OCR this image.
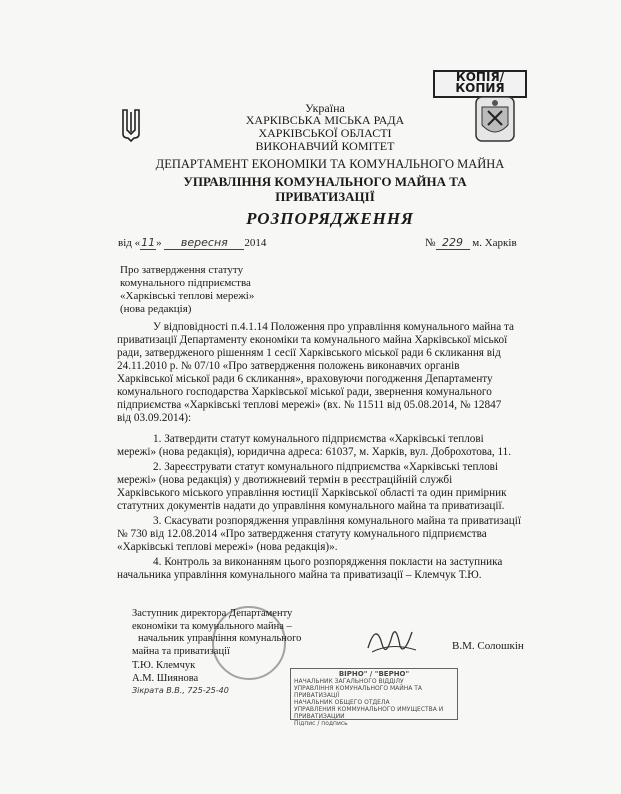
КОПІЯ/
КОПИЯ
Україна
ХАРКІВСЬКА МІСЬКА РАДА
ХАРКІВСЬКОЇ ОБЛАСТІ
ВИКОНАВЧИЙ КОМІТЕТ
ДЕПАРТАМЕНТ ЕКОНОМІКИ ТА КОМУНАЛЬНОГО МАЙНА
УПРАВЛІННЯ КОМУНАЛЬНОГО МАЙНА ТА
ПРИВАТИЗАЦІЇ
РОЗПОРЯДЖЕННЯ
від «11» вересня 2014	№ 229 м. Харків
Про затвердження статуту
комунального підприємства
«Харківські теплові мережі»
(нова редакція)
У відповідності п.4.1.14 Положення про управління комунального майна та
приватизації Департаменту економіки та комунального майна Харківської міської
ради, затвердженого рішенням 1 сесії Харківського міської ради 6 скликання від
24.11.2010 р. № 07/10 «Про затвердження положень виконавчих органів
Харківської міської ради 6 скликання», враховуючи погодження Департаменту
комунального господарства Харківської міської ради, звернення комунального
підприємства «Харківські теплові мережі» (вх. № 11511 від 05.08.2014, № 12847
від 03.09.2014):
1. Затвердити статут комунального підприємства «Харківські теплові
мережі» (нова редакція), юридична адреса: 61037, м. Харків, вул. Доброхотова, 11.
2. Зареєструвати статут комунального підприємства «Харківські теплові
мережі» (нова редакція) у двотижневий термін в реєстраційній службі
Харківського міського управління юстиції Харківської області та один примірник
статутних документів надати до управління комунального майна та приватизації.
3. Скасувати розпорядження управління комунального майна та приватизації
№ 730 від 12.08.2014 «Про затвердження статуту комунального підприємства
«Харківські теплові мережі» (нова редакція)».
4. Контроль за виконанням цього розпорядження покласти на заступника
начальника управління комунального майна та приватизації – Клемчук Т.Ю.
Заступник директора Департаменту
економіки та комунального майна –
начальник управління комунального
майна та приватизації	В.М. Солошкін
Т.Ю. Клемчук
А.М. Шиянова
Зікрата В.В., 725-25-40
ВІРНО" / "ВЕРНО"
НАЧАЛЬНИК ЗАГАЛЬНОГО ВІДДІЛУ
УПРАВЛІННЯ КОМУНАЛЬНОГО МАЙНА ТА ПРИВАТИЗАЦІЇ
НАЧАЛЬНИК ОБЩЕГО ОТДЕЛА
УПРАВЛЕНИЯ КОММУНАЛЬНОГО ИМУЩЕСТВА И ПРИВАТИЗАЦИИ
Підпис / подпись
